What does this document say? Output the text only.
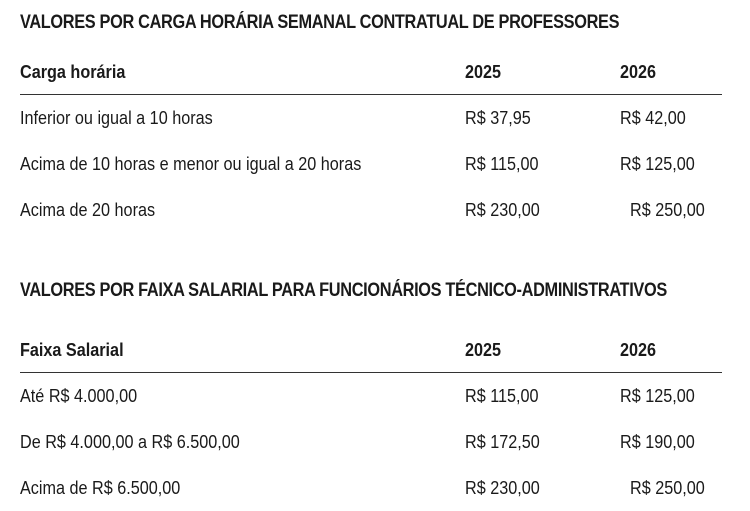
VALORES POR CARGA HORÁRIA SEMANAL CONTRATUAL DE PROFESSORES
Carga horária	2025	2026
Inferior ou igual a 10 horas	R$ 37,95	R$ 42,00
Acima de 10 horas e menor ou igual a 20 horas	R$ 115,00	R$ 125,00
Acima de 20 horas	R$ 230,00	R$ 250,00
VALORES POR FAIXA SALARIAL PARA FUNCIONÁRIOS TÉCNICO-ADMINISTRATIVOS
Faixa Salarial	2025	2026
Até R$ 4.000,00	R$ 115,00	R$ 125,00
De R$ 4.000,00 a R$ 6.500,00	R$ 172,50	R$ 190,00
Acima de R$ 6.500,00	R$ 230,00	R$ 250,00
